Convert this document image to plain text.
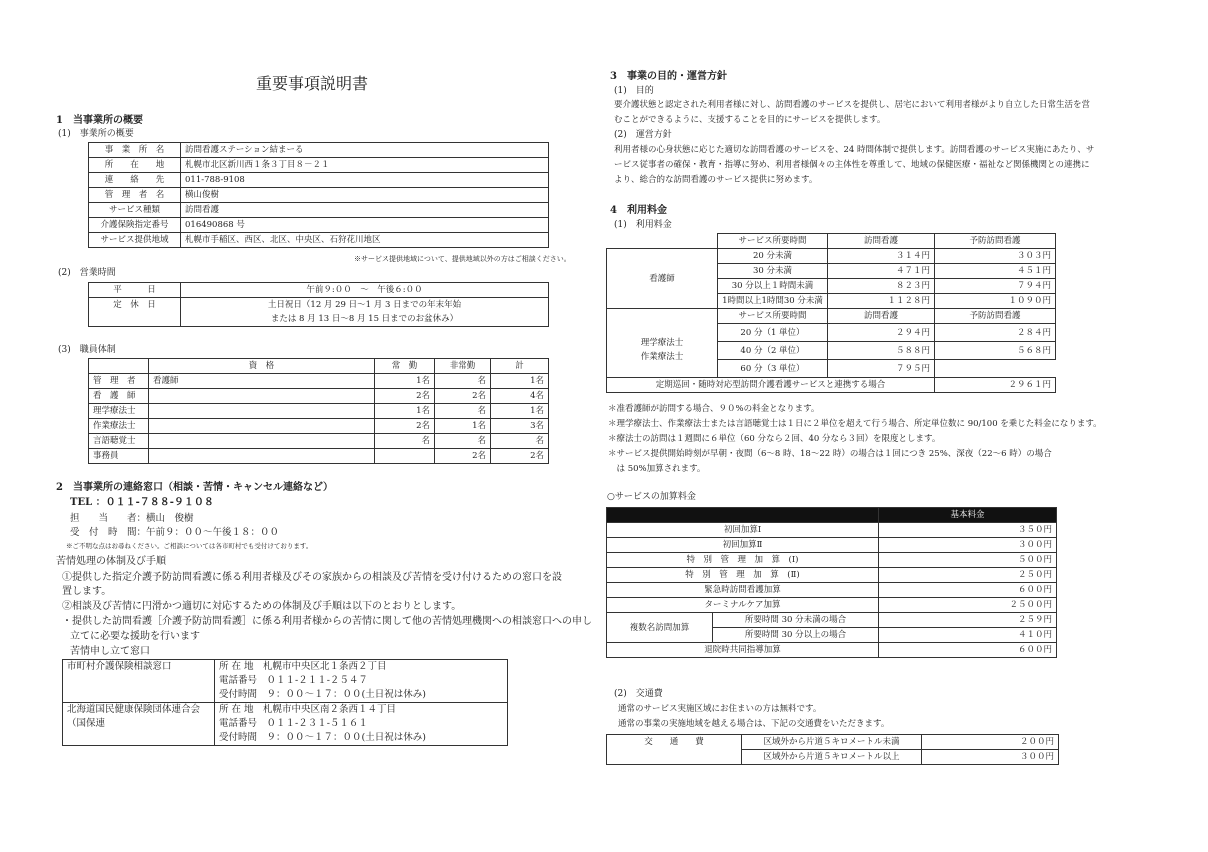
重要事項説明書
1　当事業所の概要
(1)　事業所の概要
事　業　所　名	訪問看護ステーション結まーる
所　　在　　地	札幌市北区新川西１条３丁目８－２１
連　　絡　　先	011‐788‐9108
管　理　者　名	横山俊樹
サービス種類	訪問看護
介護保険指定番号	016490868 号
サービス提供地域	札幌市手稲区、西区、北区、中央区、石狩花川地区
※サービス提供地域について、提供地域以外の方はご相談ください。
(2)　営業時間
平　　　日	午前９:００　～　午後６:００
定　休　日	土日祝日（12 月 29 日～1 月 3 日までの年末年始
	または 8 月 13 日～8 月 15 日までのお盆休み）
(3)　職員体制
	資　格	常　勤	非常勤	計
管　理　者	看護師	1名	名	1名
看　護　師		2名	2名	4名
理学療法士		1名	名	1名
作業療法士		2名	1名	3名
言語聴覚士		名	名	名
事務員			2名	2名
2　当事業所の連絡窓口（相談・苦情・キャンセル連絡など）
TEL ：０１１‐７８８‐９１０８
担　　当　　者：横山　俊樹
受　付　時　間：午前９：００～午後１８：００
※ご不明な点はお尋ねください。ご相談については各市町村でも受付けております。
苦情処理の体制及び手順
①提供した指定介護予防訪問看護に係る利用者様及びその家族からの相談及び苦情を受け付けるための窓口を設
置します。
②相談及び苦情に円滑かつ適切に対応するための体制及び手順は以下のとおりとします。
・提供した訪問看護［介護予防訪問看護］に係る利用者様からの苦情に関して他の苦情処理機関への相談窓口への申し
立てに必要な援助を行います
苦情申し立て窓口
市町村介護保険相談窓口	所 在 地　札幌市中央区北１条西２丁目
	電話番号　０１１‐２１１‐２５４７
	受付時間　９：００～１７：００(土日祝は休み)

北海道国民健康保険団体連合会
（国保連	所 在 地　札幌市中央区南２条西１４丁目
	電話番号　０１１‐２３１‐５１６１
	受付時間　９：００～１７：００(土日祝は休み)
3　事業の目的・運営方針
(1)　目的
要介護状態と認定された利用者様に対し、訪問看護のサービスを提供し、居宅において利用者様がより自立した日常生活を営
むことができるように、支援することを目的にサービスを提供します。
(2)　運営方針
利用者様の心身状態に応じた適切な訪問看護のサービスを、24 時間体制で提供します。訪問看護のサービス実施にあたり、サ
ービス従事者の確保・教育・指導に努め、利用者様個々の主体性を尊重して、地域の保健医療・福祉など関係機関との連携に
より、総合的な訪問看護のサービス提供に努めます。
4　利用料金
(1)　利用料金
	サービス所要時間	訪問看護	予防訪問看護
看護師	20 分未満	３１４円	３０３円
	30 分未満	４７１円	４５１円
	30 分以上１時間未満	８２３円	７９４円
	1時間以上1時間30 分未満	１１２８円	１０９０円
	サービス所要時間	訪問看護	予防訪問看護

理学療法士
作業療法士	20 分（1 単位）	２９４円	２８４円
	40 分（2 単位）	５８８円	５６８円
	60 分（3 単位）	７９５円	
定期巡回・随時対応型訪問介護看護サービスと連携する場合			２９６１円
＊准看護師が訪問する場合、９０%の料金となります。
＊理学療法士、作業療法士または言語聴覚士は１日に２単位を超えて行う場合、所定単位数に 90/100 を乗じた料金になります。
＊療法士の訪問は１週間に６単位（60 分なら２回、40 分なら３回）を限度とします。
＊サービス提供開始時刻が早朝・夜間（6～8 時、18～22 時）の場合は１回につき 25%、深夜（22～6 時）の場合
　は 50%加算されます。
○サービスの加算料金
		基本料金
初回加算Ⅰ		３５０円
初回加算Ⅱ		３００円
特　別　管　理　加　算　(Ⅰ)		５００円
特　別　管　理　加　算　(Ⅱ)		２５０円
緊急時訪問看護加算		６００円
ターミナルケア加算		２５００円
複数名訪問加算	所要時間 30 分未満の場合	２５９円
	所要時間 30 分以上の場合	４１０円
退院時共同指導加算		６００円
(2)　交通費
通常のサービス実施区域にお住まいの方は無料です。
通常の事業の実施地域を越える場合は、下記の交通費をいただきます。
交　　通　　費	区域外から片道５キロメートル未満	２００円
	区域外から片道５キロメートル以上	３００円
